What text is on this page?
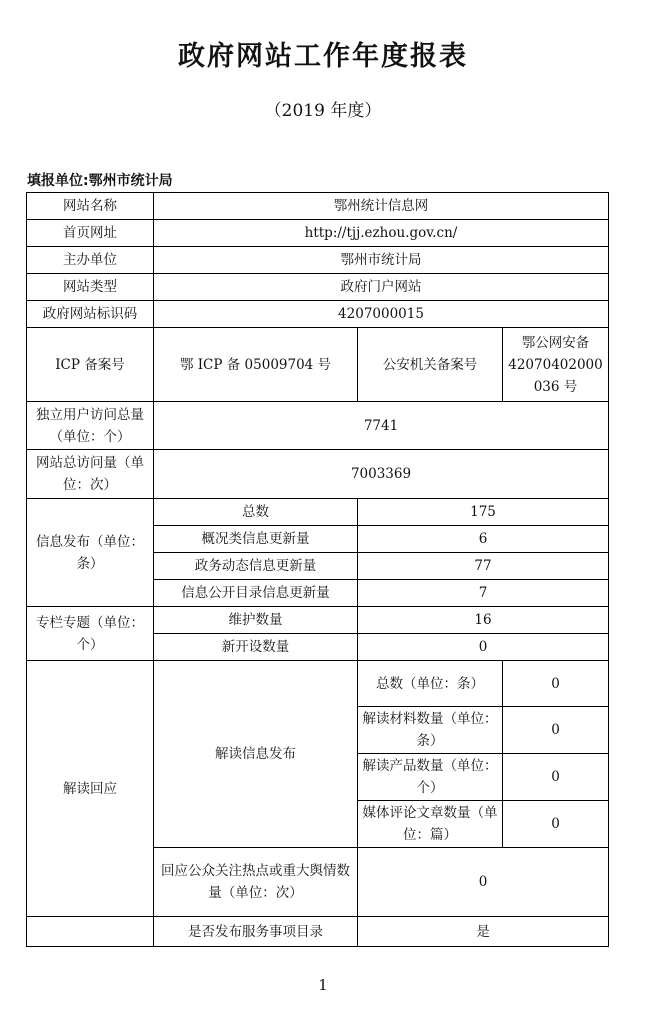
政府网站工作年度报表
（2019 年度）
填报单位:鄂州市统计局
网站名称	鄂州统计信息网		
首页网址	http://tjj.ezhou.gov.cn/		
主办单位	鄂州市统计局		
网站类型	政府门户网站		
政府网站标识码	4207000015		
ICP 备案号	鄂 ICP 备 05009704 号	公安机关备案号	鄂公网安备 42070402000 036 号
独立用户访问总量（单位：个）	7741		
网站总访问量（单位：次）	7003369		
信息发布（单位：条）	总数	175	
	概况类信息更新量	6	
	政务动态信息更新量	77	
	信息公开目录信息更新量	7	
专栏专题（单位：个）	维护数量	16	
	新开设数量	0	
解读回应	解读信息发布	总数（单位：条）	0
		解读材料数量（单位：条）	0
		解读产品数量（单位：个）	0
		媒体评论文章数量（单位：篇）	0
	回应公众关注热点或重大舆情数量（单位：次）	0	
	是否发布服务事项目录	是	
1
